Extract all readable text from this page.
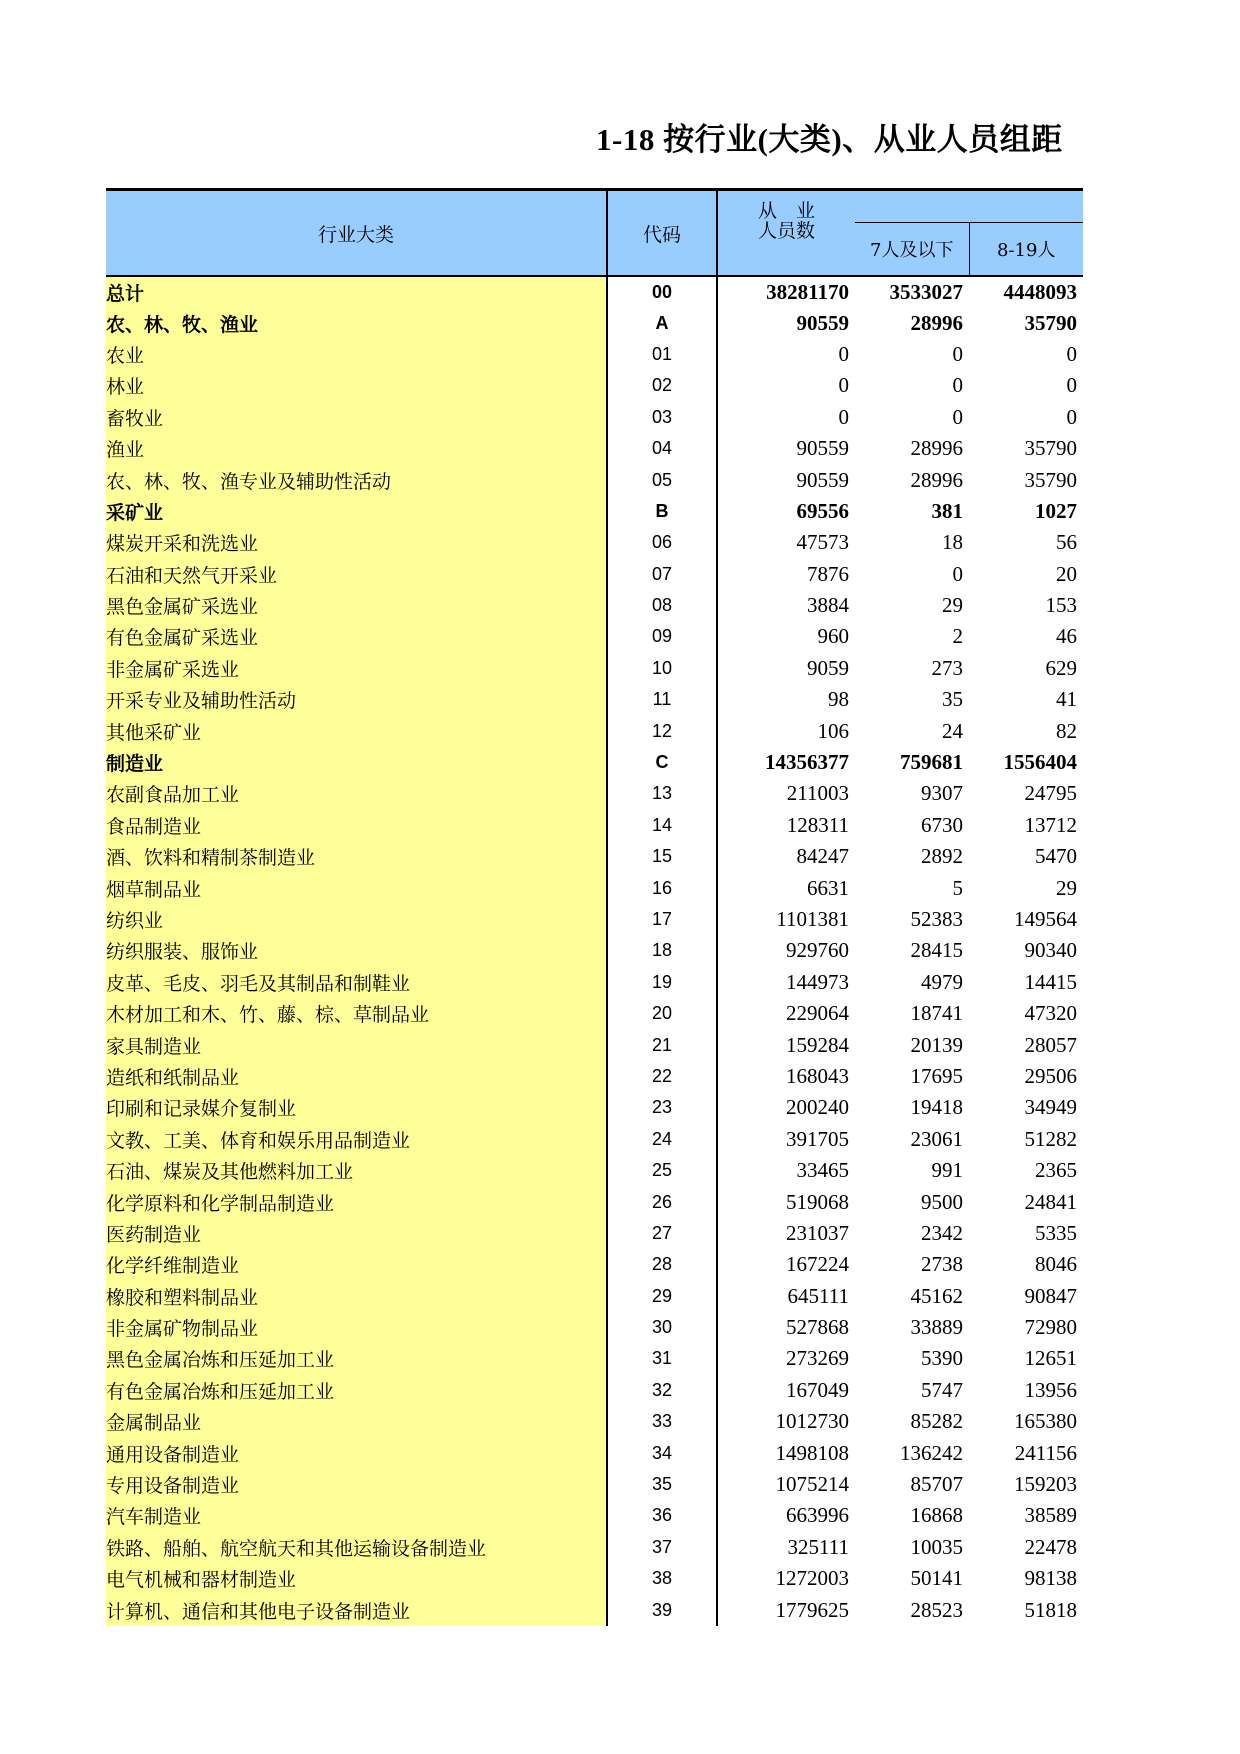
1-18 按行业(大类)、从业人员组距
行业大类	代码	从　业
人员数		

			7人及以下	8-19人
总计	00	38281170	3533027	4448093
农、林、牧、渔业	A	90559	28996	35790
农业	01	0	0	0
林业	02	0	0	0
畜牧业	03	0	0	0
渔业	04	90559	28996	35790
农、林、牧、渔专业及辅助性活动	05	90559	28996	35790
采矿业	B	69556	381	1027
煤炭开采和洗选业	06	47573	18	56
石油和天然气开采业	07	7876	0	20
黑色金属矿采选业	08	3884	29	153
有色金属矿采选业	09	960	2	46
非金属矿采选业	10	9059	273	629
开采专业及辅助性活动	11	98	35	41
其他采矿业	12	106	24	82
制造业	C	14356377	759681	1556404
农副食品加工业	13	211003	9307	24795
食品制造业	14	128311	6730	13712
酒、饮料和精制茶制造业	15	84247	2892	5470
烟草制品业	16	6631	5	29
纺织业	17	1101381	52383	149564
纺织服装、服饰业	18	929760	28415	90340
皮革、毛皮、羽毛及其制品和制鞋业	19	144973	4979	14415
木材加工和木、竹、藤、棕、草制品业	20	229064	18741	47320
家具制造业	21	159284	20139	28057
造纸和纸制品业	22	168043	17695	29506
印刷和记录媒介复制业	23	200240	19418	34949
文教、工美、体育和娱乐用品制造业	24	391705	23061	51282
石油、煤炭及其他燃料加工业	25	33465	991	2365
化学原料和化学制品制造业	26	519068	9500	24841
医药制造业	27	231037	2342	5335
化学纤维制造业	28	167224	2738	8046
橡胶和塑料制品业	29	645111	45162	90847
非金属矿物制品业	30	527868	33889	72980
黑色金属冶炼和压延加工业	31	273269	5390	12651
有色金属冶炼和压延加工业	32	167049	5747	13956
金属制品业	33	1012730	85282	165380
通用设备制造业	34	1498108	136242	241156
专用设备制造业	35	1075214	85707	159203
汽车制造业	36	663996	16868	38589
铁路、船舶、航空航天和其他运输设备制造业	37	325111	10035	22478
电气机械和器材制造业	38	1272003	50141	98138
计算机、通信和其他电子设备制造业	39	1779625	28523	51818
